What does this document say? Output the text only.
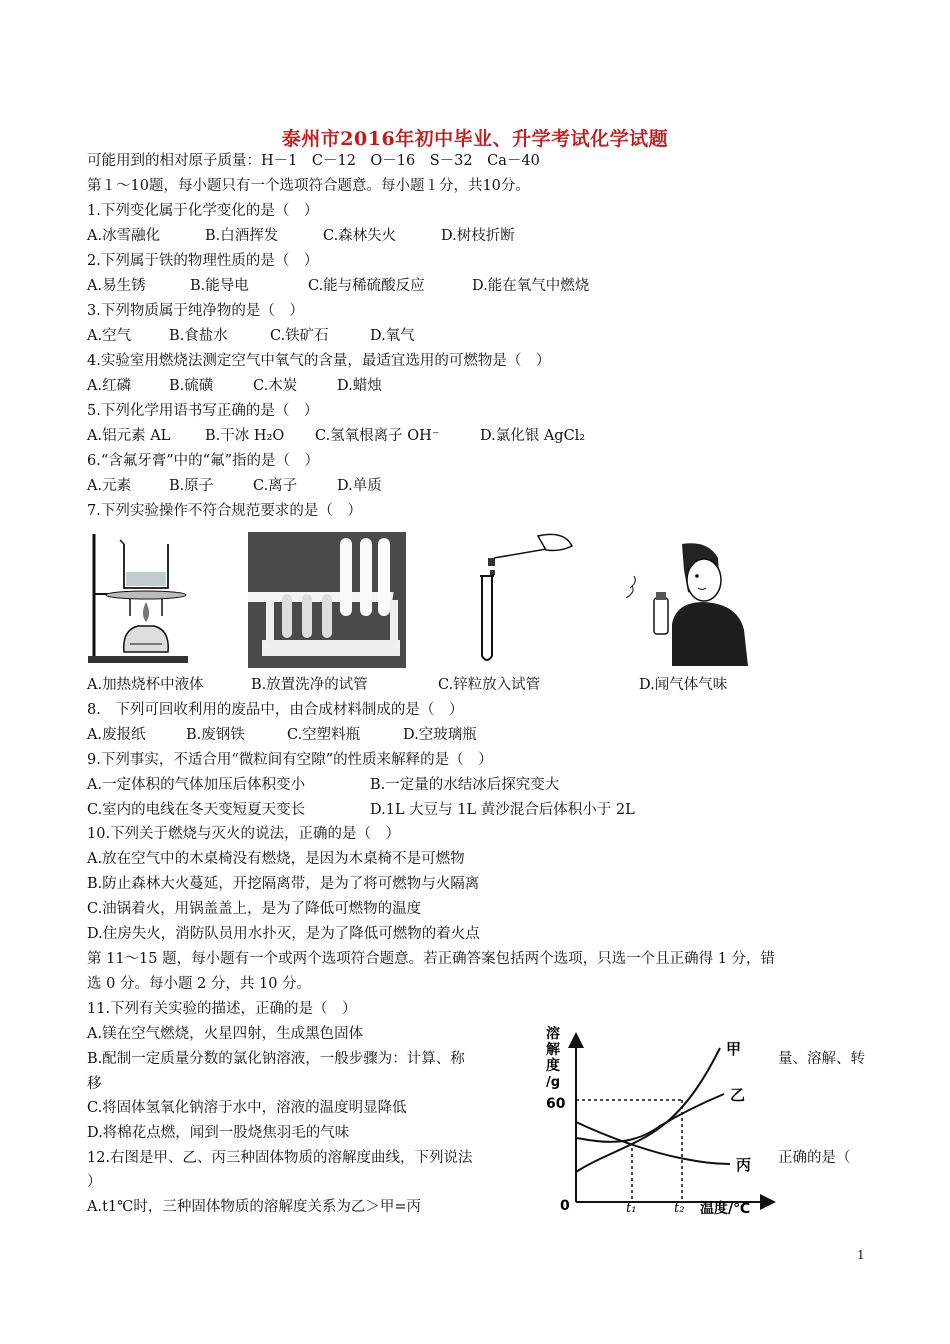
泰州市2016年初中毕业、升学考试化学试题
可能用到的相对原子质量：H－1　C－12　O－16　S－32　Ca－40
第１～10题，每小题只有一个选项符合题意。每小题１分，共10分。
1.下列变化属于化学变化的是（　）
A.冰雪融化	B.白酒挥发	C.森林失火	D.树枝折断
2.下列属于铁的物理性质的是（　）
A.易生锈	B.能导电	C.能与稀硫酸反应	D.能在氧气中燃烧
3.下列物质属于纯净物的是（　）
A.空气	B.食盐水	C.铁矿石	D.氧气
4.实验室用燃烧法测定空气中氧气的含量，最适宜选用的可燃物是（　）
A.红磷	B.硫磺	C.木炭	D.蜡烛
5.下列化学用语书写正确的是（　）
A.铝元素 AL B.干冰 H₂O C.氢氧根离子 OH⁻	D.氯化银 AgCl₂
6.“含氟牙膏”中的“氟”指的是（　）
A.元素	B.原子	C.离子	D.单质
7.下列实验操作不符合规范要求的是（　）
A.加热烧杯中液体	B.放置洗净的试管	C.锌粒放入试管	D.闻气体气味
8.　下列可回收利用的废品中，由合成材料制成的是（　）
A.废报纸	B.废钢铁	C.空塑料瓶	D.空玻璃瓶
9.下列事实，不适合用“微粒间有空隙”的性质来解释的是（　）
A.一定体积的气体加压后体积变小	B.一定量的水结冰后探究变大
C.室内的电线在冬天变短夏天变长	D.1L 大豆与 1L 黄沙混合后体积小于 2L
10.下列关于燃烧与灭火的说法，正确的是（　）
A.放在空气中的木桌椅没有燃烧，是因为木桌椅不是可燃物
B.防止森林大火蔓延，开挖隔离带，是为了将可燃物与火隔离
C.油锅着火，用锅盖盖上，是为了降低可燃物的温度
D.住房失火，消防队员用水扑灭，是为了降低可燃物的着火点
第 11～15 题，每小题有一个或两个选项符合题意。若正确答案包括两个选项，只选一个且正确得 1 分，错
选 0 分。每小题 2 分，共 10 分。
11.下列有关实验的描述，正确的是（　）
A.镁在空气燃烧，火星四射，生成黑色固体
B.配制一定质量分数的氯化钠溶液，一般步骤为：计算、称	量、溶解、转
移
C.将固体氢氧化钠溶于水中，溶液的温度明显降低
D.将棉花点燃，闻到一股烧焦羽毛的气味
12.右图是甲、乙、丙三种固体物质的溶解度曲线，下列说法	正确的是（
）
A.t1℃时，三种固体物质的溶解度关系为乙＞甲=丙
溶
解
度
/g
60
0	t₁	t₂ 温度/℃
甲
乙
丙
1
